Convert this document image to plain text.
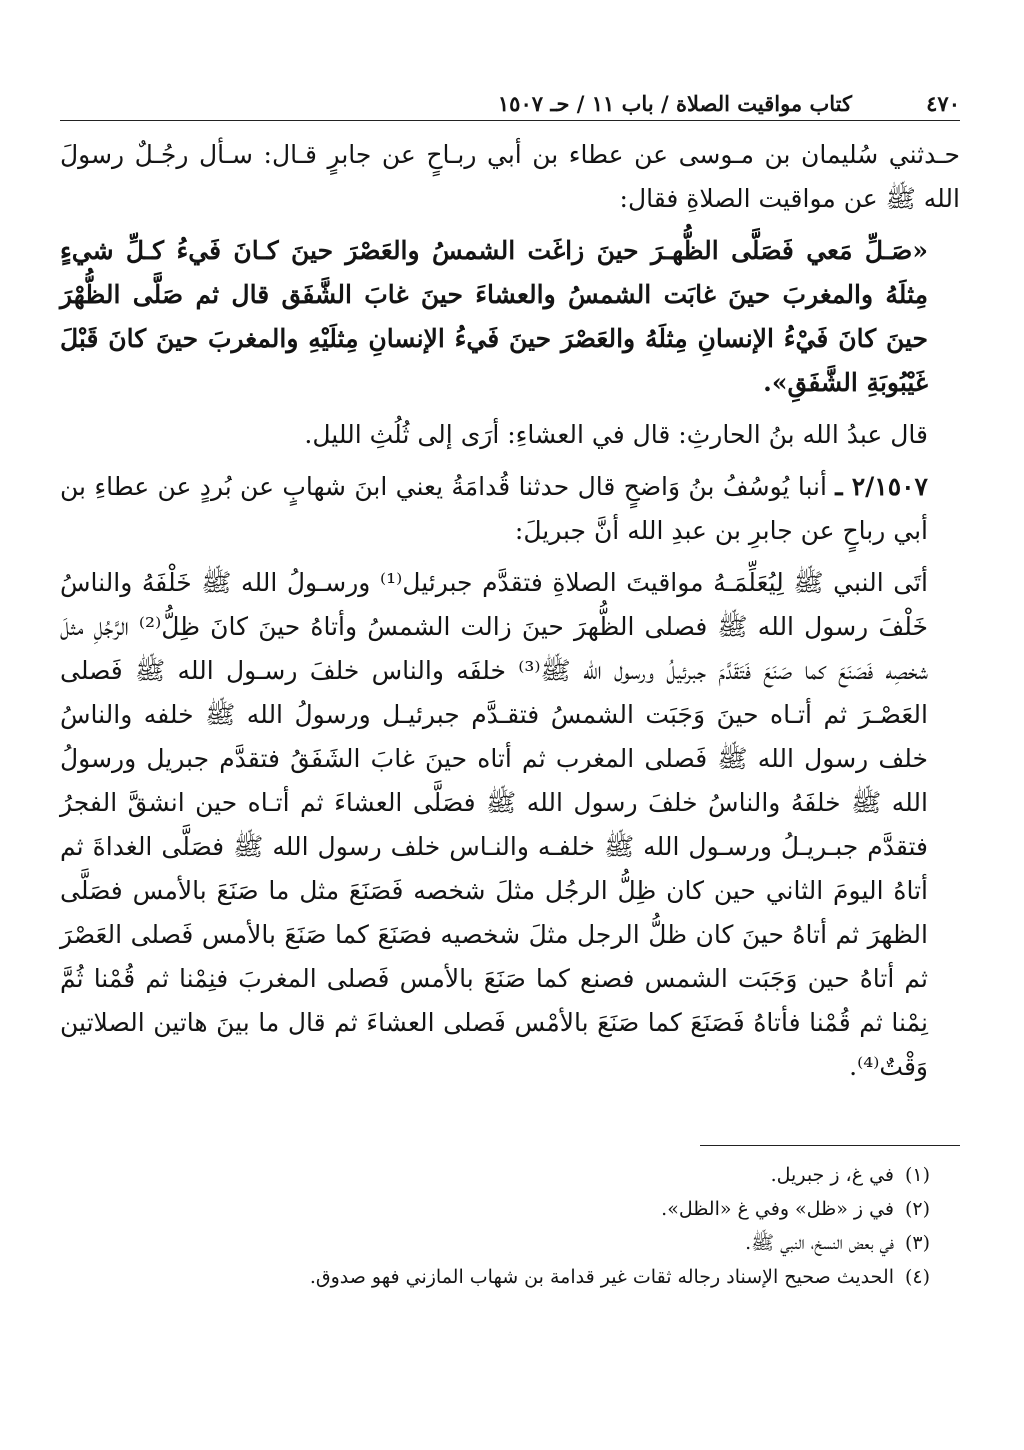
٤٧٠
كتاب مواقيت الصلاة / باب ١١ / حـ ١٥٠٧

حـدثني سُليمان بن مـوسى عن عطاء بن أبي ربـاحٍ عن جابرٍ قـال: سـأل رجُـلٌ رسولَ الله ﷺ عن مواقيت الصلاةِ فقال:

«صَـلِّ مَعي فَصَلَّى الظُّهـرَ حينَ زاغَت الشمسُ والعَصْرَ حينَ كـانَ فَيءُ كـلِّ شيءٍ مِثلَهُ والمغربَ حينَ غابَت الشمسُ والعشاءَ حينَ غابَ الشَّفَق قال ثم صَلَّى الظُّهْرَ حينَ كانَ فَيْءُ الإنسانِ مِثلَهُ والعَصْرَ حينَ فَيءُ الإنسانِ مِثلَيْهِ والمغربَ حينَ كانَ قَبْلَ غَيْبُوبَةِ الشَّفَقِ».

قال عبدُ الله بنُ الحارثِ: قال في العشاءِ: أرَى إلى ثُلُثِ الليل.

٢/١٥٠٧ ـ أنبا يُوسُفُ بنُ وَاضحٍ قال حدثنا قُدامَةُ يعني ابنَ شهابٍ عن بُردٍ عن عطاءِ بن أبي رباحٍ عن جابرِ بن عبدِ الله أنَّ جبريلَ:

أتَى النبي ﷺ لِيُعَلِّمَـهُ مواقيتَ الصلاةِ فتقدَّم جبرئيل⁽¹⁾ ورسـولُ الله ﷺ خَلْفَهُ والناسُ خَلْفَ رسول الله ﷺ فصلى الظُّهرَ حينَ زالت الشمسُ وأتاهُ حينَ كانَ ظِلُّ⁽²⁾ الرَّجُلِ مثلَ شخصِه فَصَنَعَ كما صَنَعَ فَتَقَدَّمَ جبرئيلُ ورسول الله ﷺ⁽³⁾ خلفَه والناس خلفَ رسـول الله ﷺ فَصلى العَصْـرَ ثم أتـاه حينَ وَجَبَت الشمسُ فتقـدَّم جبرئيـل ورسولُ الله ﷺ خلفه والناسُ خلف رسول الله ﷺ فَصلى المغرب ثم أتاه حينَ غابَ الشَفَقُ فتقدَّم جبريل ورسولُ الله ﷺ خلفَهُ والناسُ خلفَ رسول الله ﷺ فصَلَّى العشاءَ ثم أتـاه حين انشقَّ الفجرُ فتقدَّم جبـريـلُ ورسـول الله ﷺ خلفـه والنـاس خلف رسول الله ﷺ فصَلَّى الغداةَ ثم أتاهُ اليومَ الثاني حين كان ظِلُّ الرجُل مثلَ شخصه فَصَنَعَ مثل ما صَنَعَ بالأمس فصَلَّى الظهرَ ثم أتاهُ حينَ كان ظلُّ الرجل مثلَ شخصيه فصَنَعَ كما صَنَعَ بالأمس فَصلى العَصْرَ ثم أتاهُ حين وَجَبَت الشمس فصنع كما صَنَعَ بالأمس فَصلى المغربَ فنِمْنا ثم قُمْنا ثُمَّ نِمْنا ثم قُمْنا فأتاهُ فَصَنَعَ كما صَنَعَ بالأمْس فَصلى العشاءَ ثم قال ما بينَ هاتين الصلاتين وَقْتٌ⁽⁴⁾.

(١)في غ، ز جبريل.

(٢)في ز «ظل» وفي غ «الظل».

(٣)في بعض النسخ، النبي ﷺ.

(٤)الحديث صحيح الإسناد رجاله ثقات غير قدامة بن شهاب المازني فهو صدوق.
